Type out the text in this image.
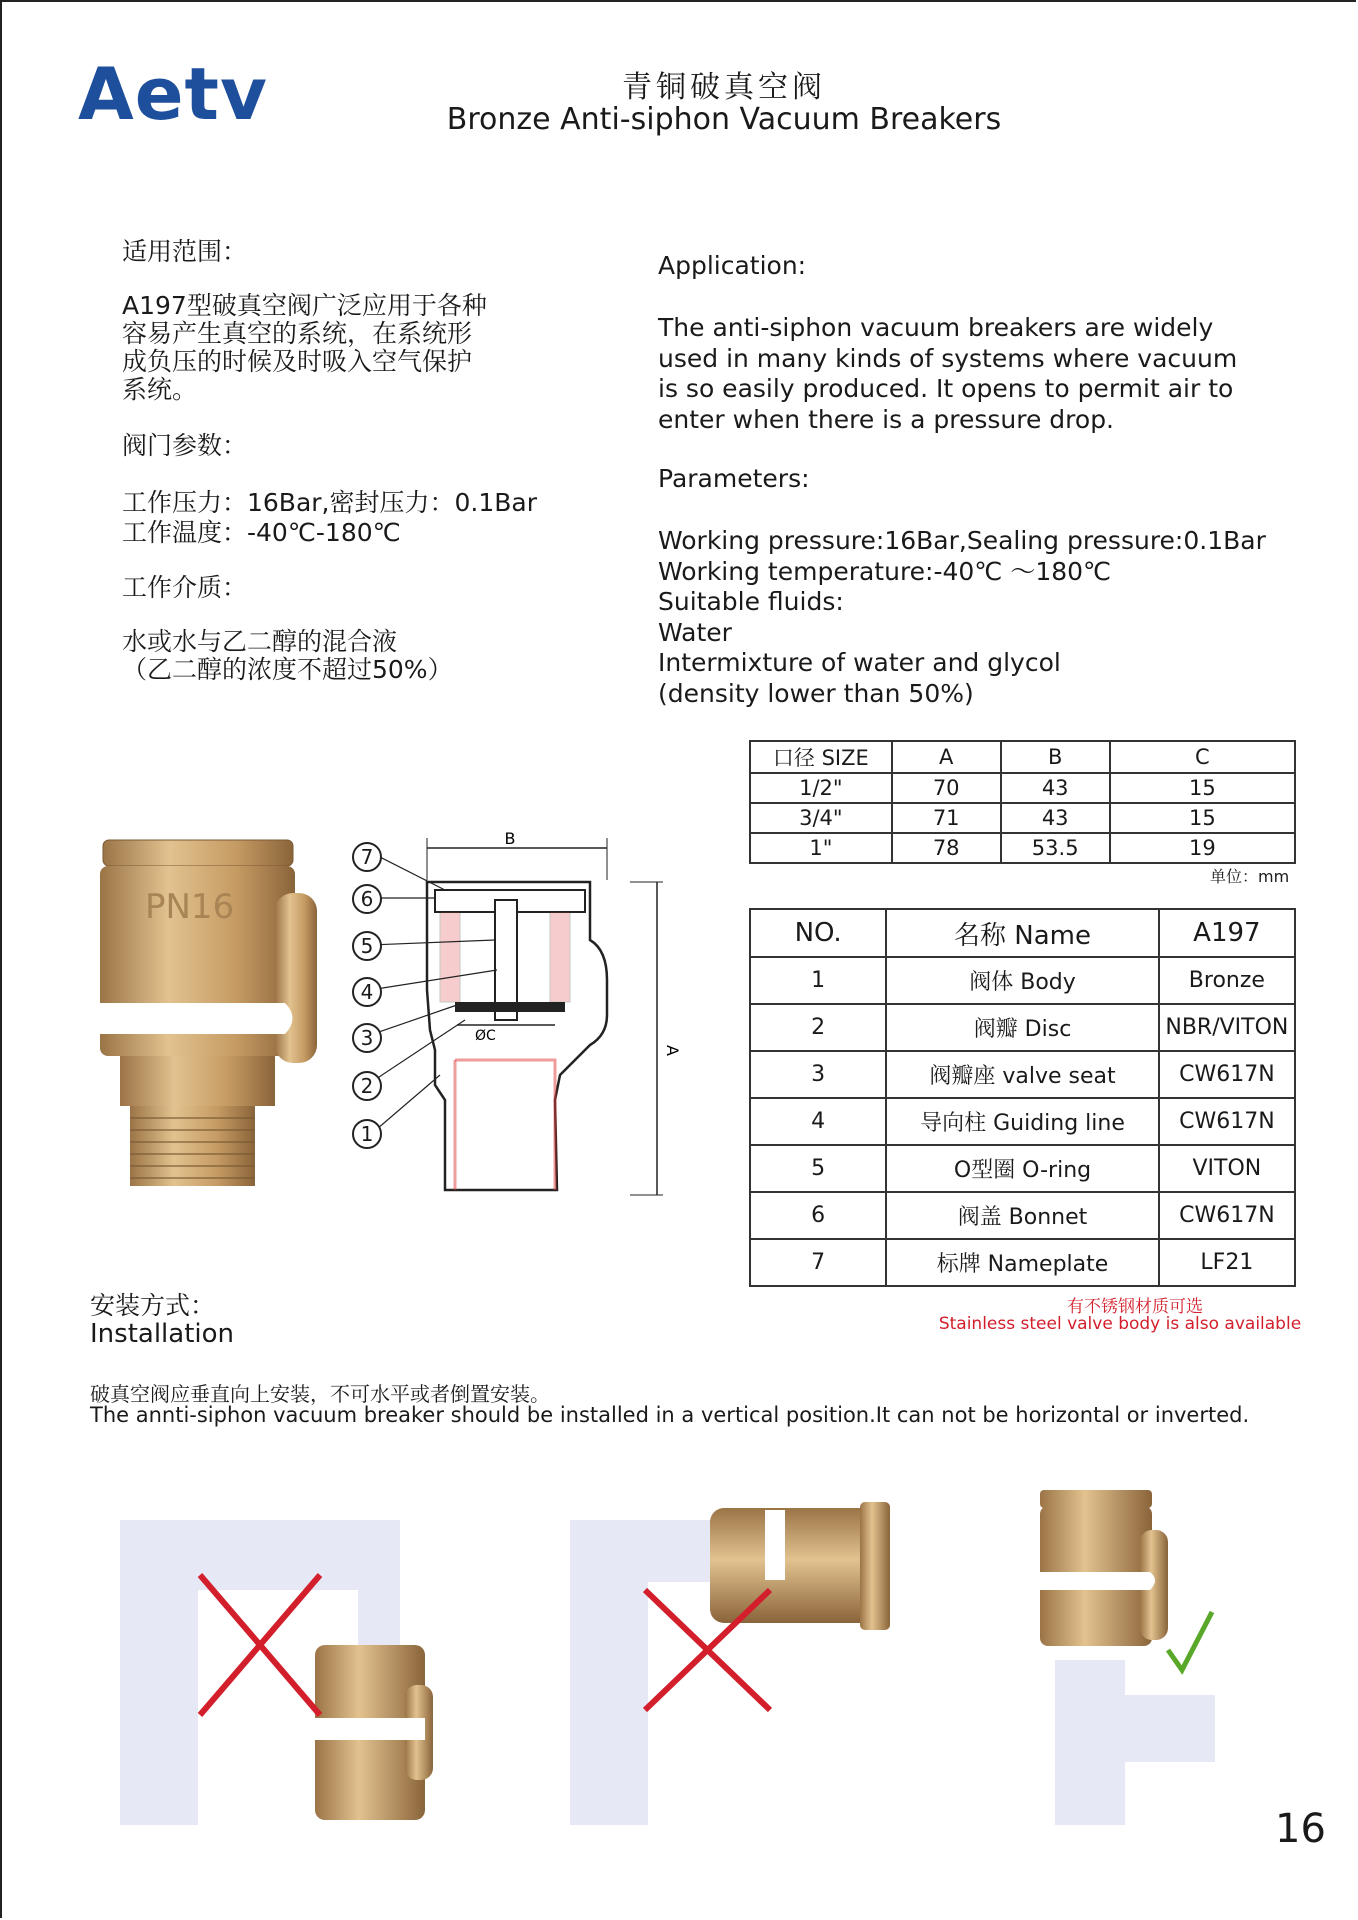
Aetv	青铜破真空阀
Bronze Anti-siphon Vacuum Breakers
适用范围：
A197型破真空阀广泛应用于各种
容易产生真空的系统，在系统形
成负压的时候及时吸入空气保护
系统。
阀门参数：
工作压力：16Bar,密封压力：0.1Bar
工作温度：-40℃-180℃
工作介质：
水或水与乙二醇的混合液
（乙二醇的浓度不超过50%）
Application:
The anti-siphon vacuum breakers are widely
used in many kinds of systems where vacuum
is so easily produced. It opens to permit air to
enter when there is a pressure drop.
Parameters:
Working pressure:16Bar,Sealing pressure:0.1Bar
Working temperature:-40℃ ～180℃
Suitable fluids:
Water
Intermixture of water and glycol
(density lower than 50%)
口径 SIZE	A	B	C
1/2"	70	43	15
3/4"	71	43	15
1"	78	53.5	19
单位：mm
NO.	名称 Name	A197
1	阀体 Body	Bronze
2	阀瓣 Disc	NBR/VITON
3	阀瓣座 valve seat	CW617N
4	导向柱 Guiding line	CW617N
5	O型圈 O-ring	VITON
6	阀盖 Bonnet	CW617N
7	标牌 Nameplate	LF21
有不锈钢材质可选
Stainless steel valve body is also available
PN16
B
A
ØC
7
6
5
4
3
2
1
安装方式：
Installation
破真空阀应垂直向上安装，不可水平或者倒置安装。
The annti-siphon vacuum breaker should be installed in a vertical position.It can not be horizontal or inverted.
16
